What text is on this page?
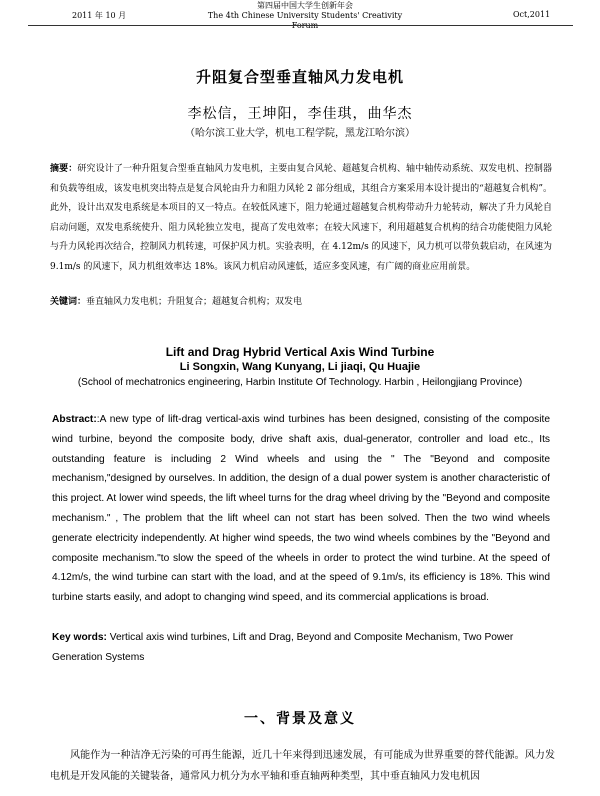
2011 年 10 月
第四届中国大学生创新年会
The 4th Chinese University Students' Creativity Forum
Oct,2011
升阻复合型垂直轴风力发电机
李松信，王坤阳，李佳琪，曲华杰
（哈尔滨工业大学，机电工程学院，黑龙江哈尔滨）
摘要：研究设计了一种升阻复合型垂直轴风力发电机，主要由复合风轮、超越复合机构、轴中轴传动系统、双发电机、控制器和负载等组成，该发电机突出特点是复合风轮由升力和阻力风轮 2 部分组成，其组合方案采用本设计提出的“超越复合机构”。此外，设计出双发电系统是本项目的又一特点。在较低风速下，阻力轮通过超越复合机构带动升力轮转动，解决了升力风轮自启动问题，双发电系统使升、阻力风轮独立发电，提高了发电效率；在较大风速下，利用超越复合机构的结合功能使阻力风轮与升力风轮再次结合，控制风力机转速，可保护风力机。实验表明，在 4.12m/s 的风速下，风力机可以带负载启动，在风速为 9.1m/s 的风速下，风力机组效率达 18%。该风力机启动风速低，适应多变风速，有广阔的商业应用前景。
关键词：垂直轴风力发电机；升阻复合；超越复合机构；双发电
Lift and Drag Hybrid Vertical Axis Wind Turbine
Li Songxin, Wang Kunyang, Li jiaqi, Qu Huajie
(School of mechatronics engineering, Harbin Institute Of Technology. Harbin , Heilongjiang Province)
Abstract::A new type of lift-drag vertical-axis wind turbines has been designed, consisting of the composite wind turbine, beyond the composite body, drive shaft axis, dual-generator, controller and load etc., Its outstanding feature is including 2 Wind wheels and using the " The "Beyond and composite mechanism,"designed by ourselves. In addition, the design of a dual power system is another characteristic of this project. At lower wind speeds, the lift wheel turns for the drag wheel driving by the "Beyond and composite mechanism." , The problem that the lift wheel can not start has been solved. Then the two wind wheels generate electricity independently. At higher wind speeds, the two wind wheels combines by the "Beyond and composite mechanism."to slow the speed of the wheels in order to protect the wind turbine. At the speed of 4.12m/s, the wind turbine can start with the load, and at the speed of 9.1m/s, its efficiency is 18%. This wind turbine starts easily, and adopt to changing wind speed, and its commercial applications is broad.
Key words: Vertical axis wind turbines, Lift and Drag, Beyond and Composite Mechanism, Two Power Generation Systems
一、背景及意义
风能作为一种洁净无污染的可再生能源，近几十年来得到迅速发展，有可能成为世界重要的替代能源。风力发电机是开发风能的关键装备，通常风力机分为水平轴和垂直轴两种类型，其中垂直轴风力发电机因
